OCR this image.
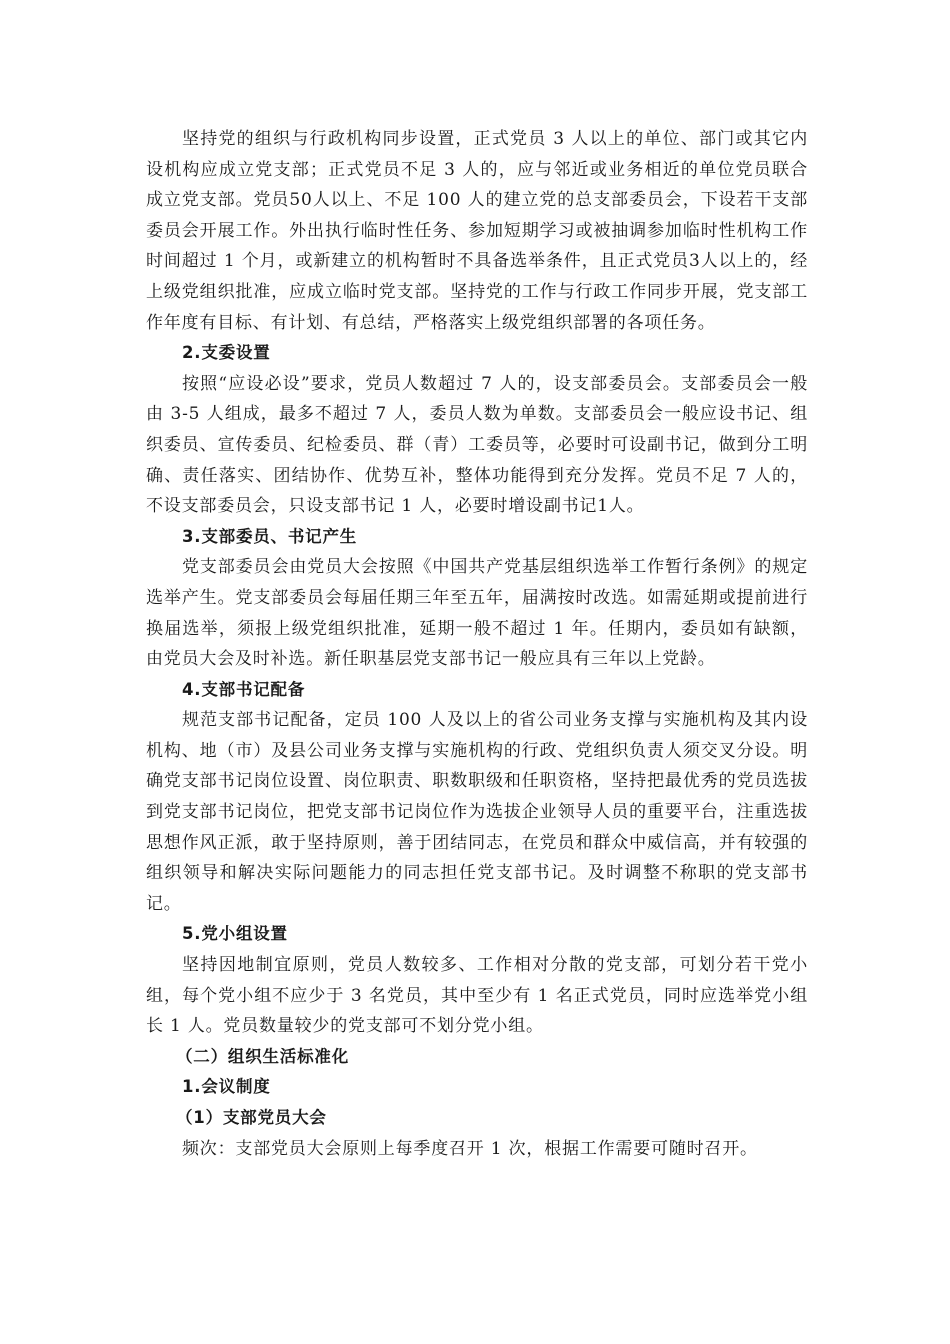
坚持党的组织与行政机构同步设置，正式党员 3 人以上的单位、部门或其它内设机构应成立党支部；正式党员不足 3 人的，应与邻近或业务相近的单位党员联合成立党支部。党员50人以上、不足 100 人的建立党的总支部委员会，下设若干支部委员会开展工作。外出执行临时性任务、参加短期学习或被抽调参加临时性机构工作时间超过 1 个月，或新建立的机构暂时不具备选举条件，且正式党员3人以上的，经上级党组织批准，应成立临时党支部。坚持党的工作与行政工作同步开展，党支部工作年度有目标、有计划、有总结，严格落实上级党组织部署的各项任务。

2.支委设置

按照“应设必设”要求，党员人数超过 7 人的，设支部委员会。支部委员会一般由 3-5 人组成，最多不超过 7 人，委员人数为单数。支部委员会一般应设书记、组织委员、宣传委员、纪检委员、群（青）工委员等，必要时可设副书记，做到分工明确、责任落实、团结协作、优势互补，整体功能得到充分发挥。党员不足 7 人的，不设支部委员会，只设支部书记 1 人，必要时增设副书记1人。

3.支部委员、书记产生

党支部委员会由党员大会按照《中国共产党基层组织选举工作暂行条例》的规定选举产生。党支部委员会每届任期三年至五年，届满按时改选。如需延期或提前进行换届选举，须报上级党组织批准，延期一般不超过 1 年。任期内，委员如有缺额，由党员大会及时补选。新任职基层党支部书记一般应具有三年以上党龄。

4.支部书记配备

规范支部书记配备，定员 100 人及以上的省公司业务支撑与实施机构及其内设机构、地（市）及县公司业务支撑与实施机构的行政、党组织负责人须交叉分设。明确党支部书记岗位设置、岗位职责、职数职级和任职资格，坚持把最优秀的党员选拔到党支部书记岗位，把党支部书记岗位作为选拔企业领导人员的重要平台，注重选拔思想作风正派，敢于坚持原则，善于团结同志，在党员和群众中威信高，并有较强的组织领导和解决实际问题能力的同志担任党支部书记。及时调整不称职的党支部书记。

5.党小组设置

坚持因地制宜原则，党员人数较多、工作相对分散的党支部，可划分若干党小组，每个党小组不应少于 3 名党员，其中至少有 1 名正式党员，同时应选举党小组长 1 人。党员数量较少的党支部可不划分党小组。

（二）组织生活标准化

1.会议制度

（1）支部党员大会

频次：支部党员大会原则上每季度召开 1 次，根据工作需要可随时召开。
